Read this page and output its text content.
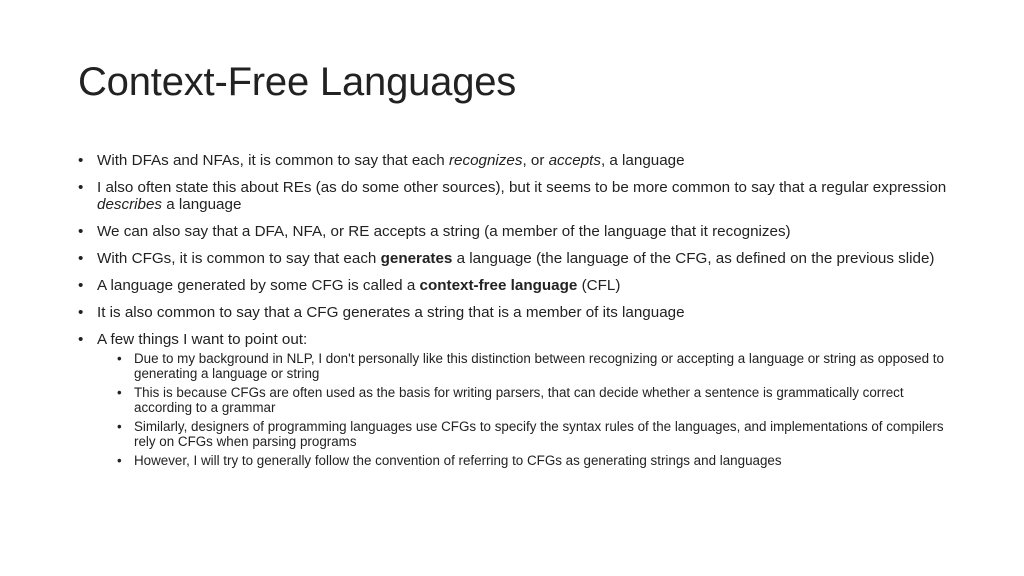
Context-Free Languages
• With DFAs and NFAs, it is common to say that each recognizes, or accepts, a language
• I also often state this about REs (as do some other sources), but it seems to be more common to say that a regular expression describes a language
• We can also say that a DFA, NFA, or RE accepts a string (a member of the language that it recognizes)
• With CFGs, it is common to say that each generates a language (the language of the CFG, as defined on the previous slide)
• A language generated by some CFG is called a context-free language (CFL)
• It is also common to say that a CFG generates a string that is a member of its language
• A few things I want to point out:
• Due to my background in NLP, I don't personally like this distinction between recognizing or accepting a language or string as opposed to generating a language or string
• This is because CFGs are often used as the basis for writing parsers, that can decide whether a sentence is grammatically correct according to a grammar
• Similarly, designers of programming languages use CFGs to specify the syntax rules of the languages, and implementations of compilers rely on CFGs when parsing programs
• However, I will try to generally follow the convention of referring to CFGs as generating strings and languages
